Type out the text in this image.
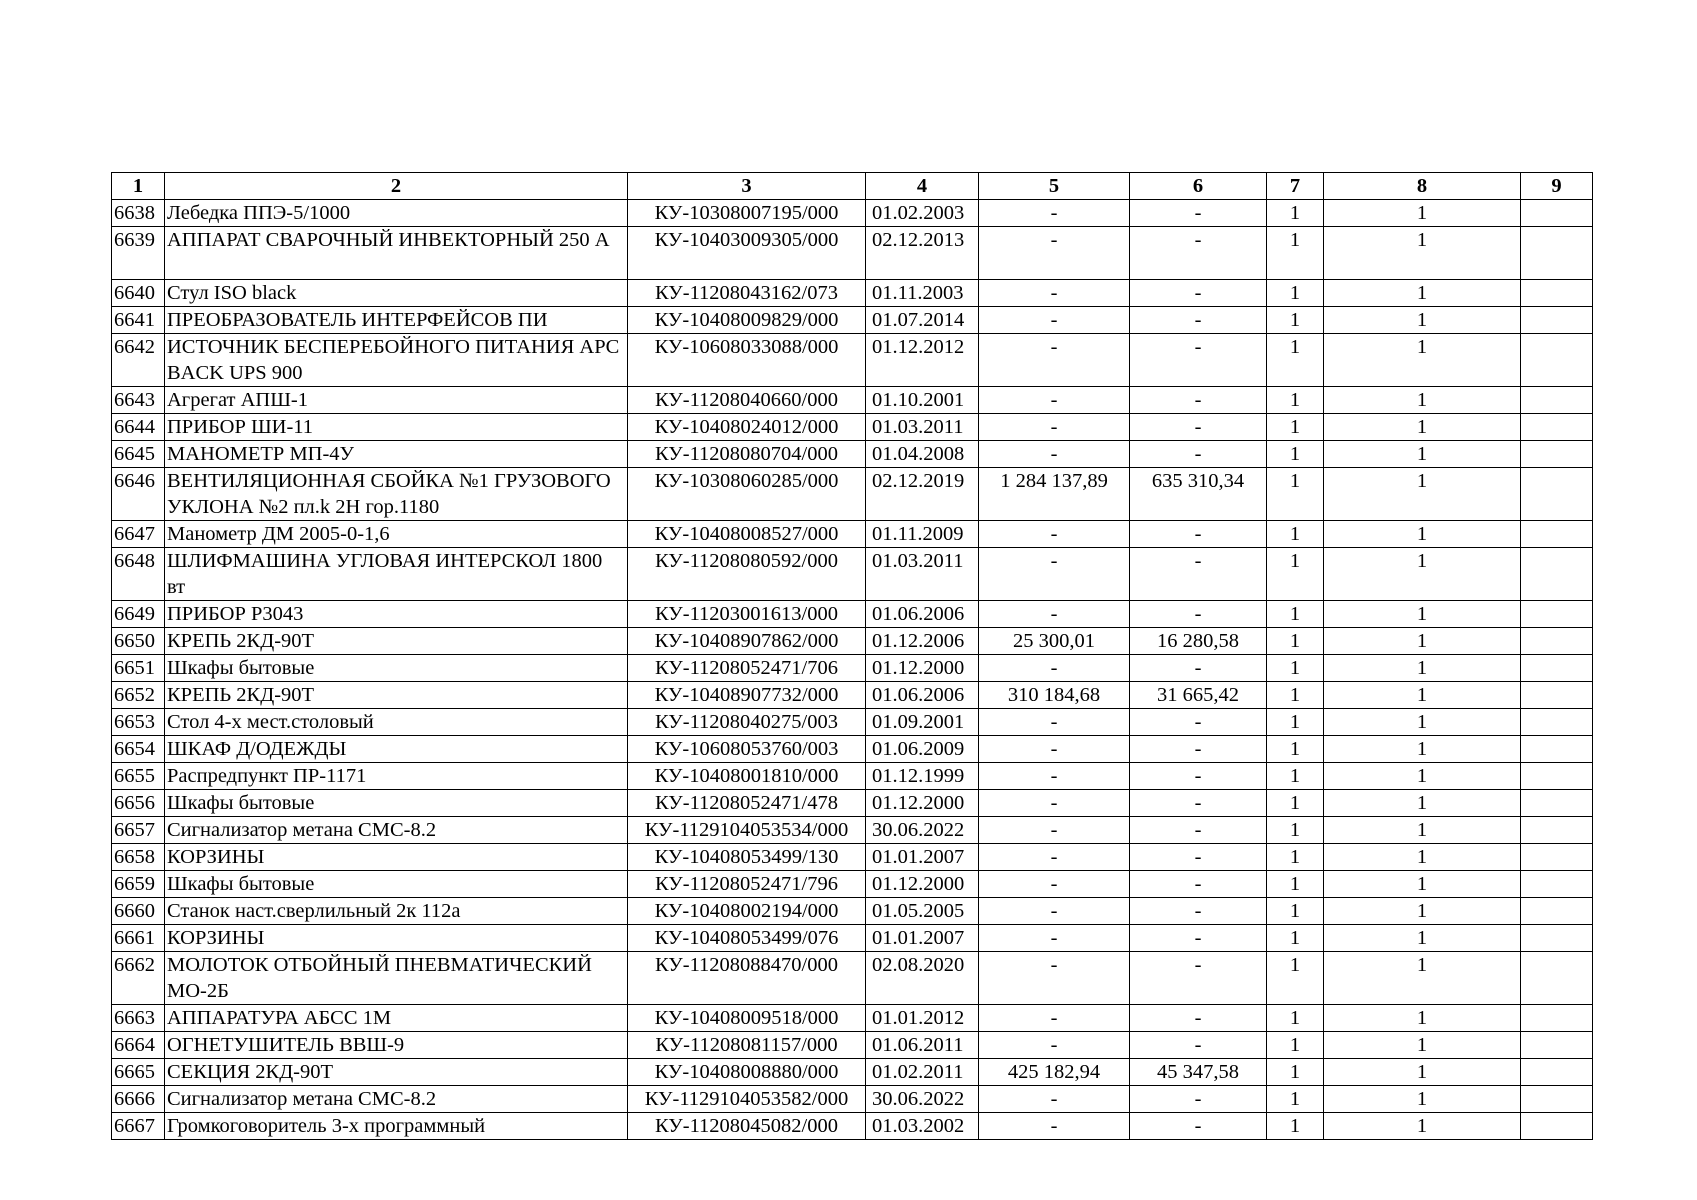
1	2	3	4	5	6	7	8	9
6638	Лебедка ППЭ-5/1000	КУ-10308007195/000	01.02.2003	-	-	1	1	
6639	АППАРАТ СВАРОЧНЫЙ ИНВЕКТОРНЫЙ 250 А	КУ-10403009305/000	02.12.2013	-	-	1	1	
6640	Стул ISO black	КУ-11208043162/073	01.11.2003	-	-	1	1	
6641	ПРЕОБРАЗОВАТЕЛЬ ИНТЕРФЕЙСОВ ПИ	КУ-10408009829/000	01.07.2014	-	-	1	1	
6642	ИСТОЧНИК БЕСПЕРЕБОЙНОГО ПИТАНИЯ APC BACK UPS 900	КУ-10608033088/000	01.12.2012	-	-	1	1	
6643	Агрегат АПШ-1	КУ-11208040660/000	01.10.2001	-	-	1	1	
6644	ПРИБОР ШИ-11	КУ-10408024012/000	01.03.2011	-	-	1	1	
6645	МАНОМЕТР МП-4У	КУ-11208080704/000	01.04.2008	-	-	1	1	
6646	ВЕНТИЛЯЦИОННАЯ СБОЙКА №1 ГРУЗОВОГО УКЛОНА №2 пл.k 2Н гор.1180	КУ-10308060285/000	02.12.2019	1 284 137,89	635 310,34	1	1	
6647	Манометр ДМ 2005-0-1,6	КУ-10408008527/000	01.11.2009	-	-	1	1	
6648	ШЛИФМАШИНА УГЛОВАЯ ИНТЕРСКОЛ 1800 вт	КУ-11208080592/000	01.03.2011	-	-	1	1	
6649	ПРИБОР Р3043	КУ-11203001613/000	01.06.2006	-	-	1	1	
6650	КРЕПЬ 2КД-90Т	КУ-10408907862/000	01.12.2006	25 300,01	16 280,58	1	1	
6651	Шкафы бытовые	КУ-11208052471/706	01.12.2000	-	-	1	1	
6652	КРЕПЬ 2КД-90Т	КУ-10408907732/000	01.06.2006	310 184,68	31 665,42	1	1	
6653	Стол 4-х мест.столовый	КУ-11208040275/003	01.09.2001	-	-	1	1	
6654	ШКАФ Д/ОДЕЖДЫ	КУ-10608053760/003	01.06.2009	-	-	1	1	
6655	Распредпункт ПР-1171	КУ-10408001810/000	01.12.1999	-	-	1	1	
6656	Шкафы бытовые	КУ-11208052471/478	01.12.2000	-	-	1	1	
6657	Сигнализатор метана СМС-8.2	КУ-1129104053534/000	30.06.2022	-	-	1	1	
6658	КОРЗИНЫ	КУ-10408053499/130	01.01.2007	-	-	1	1	
6659	Шкафы бытовые	КУ-11208052471/796	01.12.2000	-	-	1	1	
6660	Станок наст.сверлильный 2к 112а	КУ-10408002194/000	01.05.2005	-	-	1	1	
6661	КОРЗИНЫ	КУ-10408053499/076	01.01.2007	-	-	1	1	
6662	МОЛОТОК ОТБОЙНЫЙ ПНЕВМАТИЧЕСКИЙ МО-2Б	КУ-11208088470/000	02.08.2020	-	-	1	1	
6663	АППАРАТУРА АБСС 1М	КУ-10408009518/000	01.01.2012	-	-	1	1	
6664	ОГНЕТУШИТЕЛЬ ВВШ-9	КУ-11208081157/000	01.06.2011	-	-	1	1	
6665	СЕКЦИЯ 2КД-90Т	КУ-10408008880/000	01.02.2011	425 182,94	45 347,58	1	1	
6666	Сигнализатор метана СМС-8.2	КУ-1129104053582/000	30.06.2022	-	-	1	1	
6667	Громкоговоритель 3-х программный	КУ-11208045082/000	01.03.2002	-	-	1	1	
